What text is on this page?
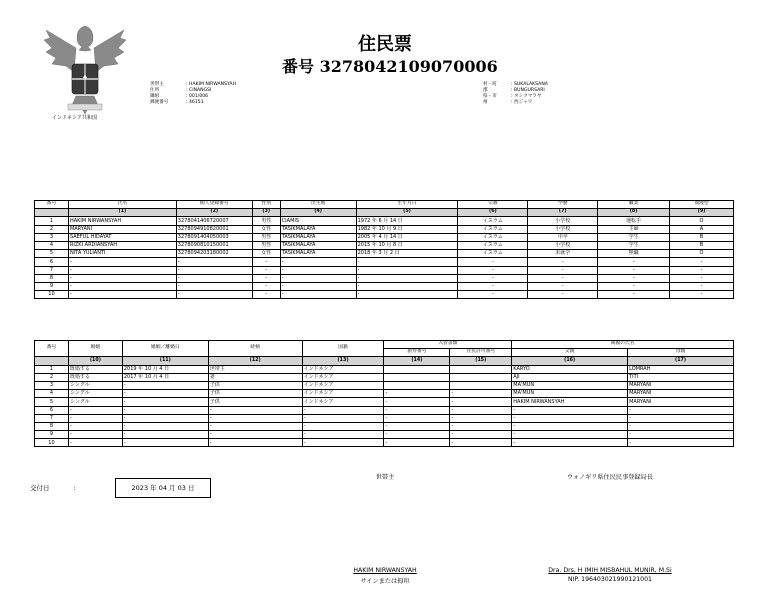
インドネシア共和国
住民票
番号 3278042109070006
世帯主	: HAKIM NIRWANSYAH
住所	: CINANGSI
隣組	: 001/006
郵便番号	: 46151
村・町	: SUKALAKSANA
郡	: BUNGURSARI
県・市	: タシクマラヤ
州	: 西ジャワ
番号	氏名	個人登録番号	性別	出生地	生年月日	宗教	学歴	職業	血液型
	(1)	(2)	(3)	(4)	(5)	(6)	(7)	(8)	(9)
1	HAKIM NIRWANSYAH	3278041406720007	男性	CIAMIS	1972 年 6 月 14 日	イスラム	小学校	運転手	O
2	MARYANI	3278094910820001	女性	TASIKMALAYA	1982 年 10 月 9 日	イスラム	小学校	主婦	A
3	SAEFUL HIDAYAT	3278091404050003	男性	TASIKMALAYA	2005 年 4 月 14 日	イスラム	中卒	学生	B
4	RIZKI ARDIANSYAH	3278090810150001	男性	TASIKMALAYA	2015 年 10 月 8 日	イスラム	小学校	学生	B
5	NITA YULIANTI	3278094203180002	女性	TASIKMALAYA	2018 年 3 月 2 日	イスラム	未就学	無職	O
6	-	-	-	-	-	-	-	-	-
7	-	-	-	-	-	-	-	-	-
8	-	-	-	-	-	-	-	-	-
9	-	-	-	-	-	-	-	-	-
10	-	-	-	-	-	-	-	-	-
番号	婚姻	婚姻／離婚日	続柄	国籍	入管書類		両親の氏名	
					旅券番号	住民許可番号	父親	母親
	(10)	(11)	(12)	(13)	(14)	(15)	(16)	(17)
1	既婚する	2019 年 10 月 4 日	世帯主	インドネシア			KARYO	LOMRAH
2	既婚する	2017 年 10 月 4 日	妻	インドネシア			AJI	TITI
3	シングル	-	子供	インドネシア			MA'MUN	MARYANI
4	シングル	-	子供	インドネシア	-	-	MA'MUN	MARYANI
5	シングル	-	子供	インドネシア	-	-	HAKIM NIRWANSYAH	MARYANI
6	-	-	-	-	-	-	-	-
7	-	-	-	-	-	-	-	-
8	-	-	-	-	-	-	-	-
9	-	-	-	-	-	-	-	-
10	-	-	-	-	-	-	-	-
交付日	:	2023 年 04 月 03 日
世帯主	ウォノギリ県住民民事登録局長
HAKIM NIRWANSYAH
サインまたは拇印
Dra. Drs, H IMIH MISBAHUL MUNIR, M.Si
NIP. 196403021990121001
